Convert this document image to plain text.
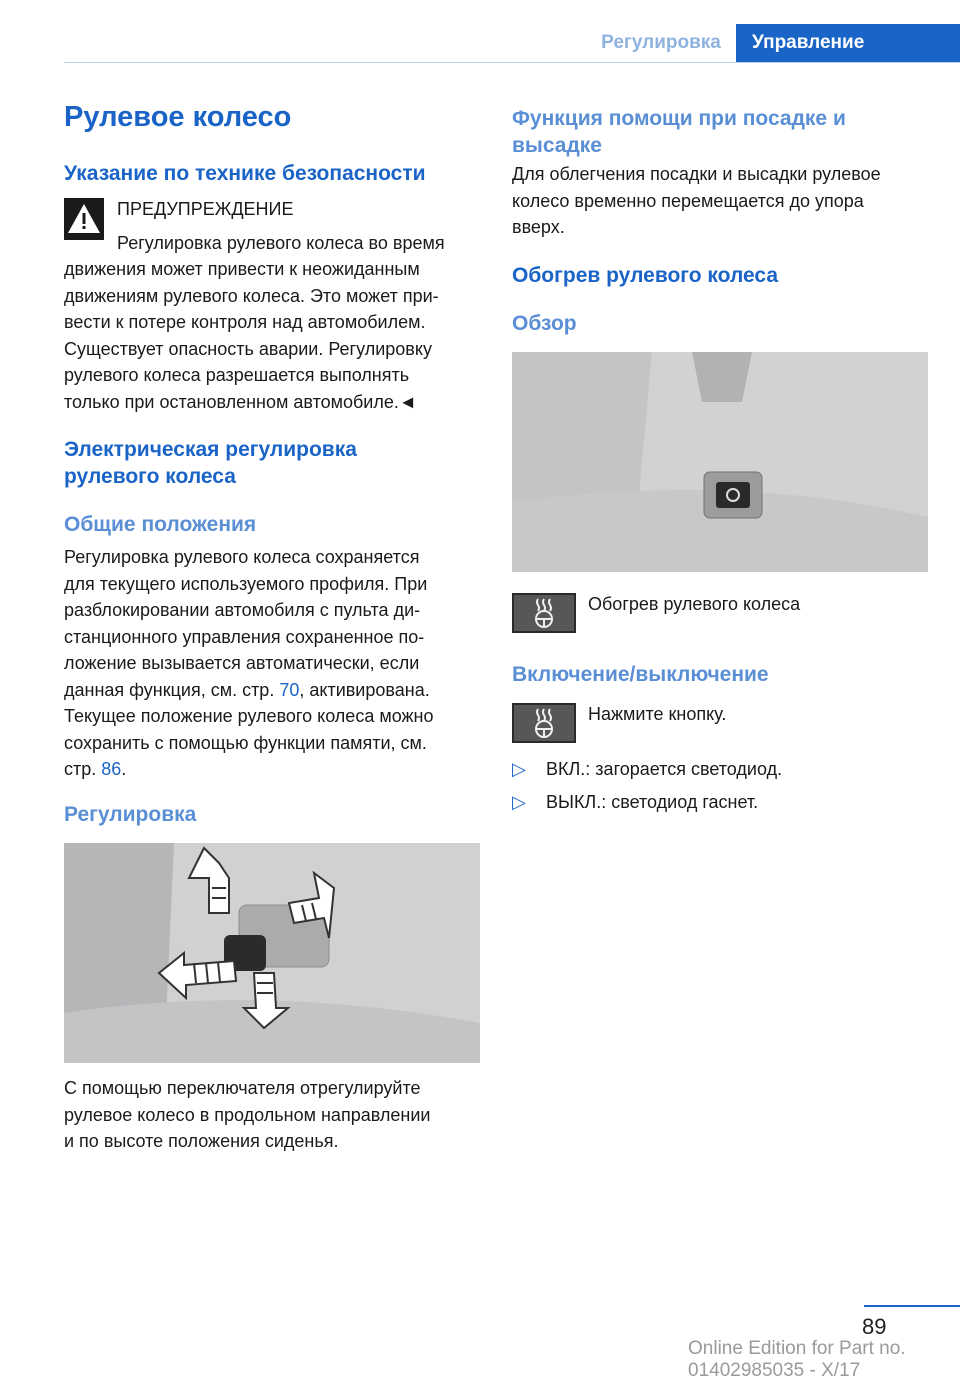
Регулировка	Управление
Рулевое колесо
Указание по технике безопасности
ПРЕДУПРЕЖДЕНИЕ
Регулировка рулевого колеса во время
движения может привести к неожиданным
движениям рулевого колеса. Это может при-
вести к потере контроля над автомобилем.
Существует опасность аварии. Регулировку
рулевого колеса разрешается выполнять
только при остановленном автомобиле.◄
Электрическая регулировка рулевого колеса
Общие положения
Регулировка рулевого колеса сохраняется
для текущего используемого профиля. При
разблокировании автомобиля с пульта ди-
станционного управления сохраненное по-
ложение вызывается автоматически, если
данная функция, см. стр. 70, активирована.
Текущее положение рулевого колеса можно
сохранить с помощью функции памяти, см.
стр. 86.
Регулировка
С помощью переключателя отрегулируйте
рулевое колесо в продольном направлении
и по высоте положения сиденья.
Функция помощи при посадке и высадке
Для облегчения посадки и высадки рулевое
колесо временно перемещается до упора
вверх.
Обогрев рулевого колеса
Обзор
Обогрев рулевого колеса
Включение/выключение
Нажмите кнопку.
▷	ВКЛ.: загорается светодиод.
▷	ВЫКЛ.: светодиод гаснет.
89
Online Edition for Part no. 01402985035 - X/17
